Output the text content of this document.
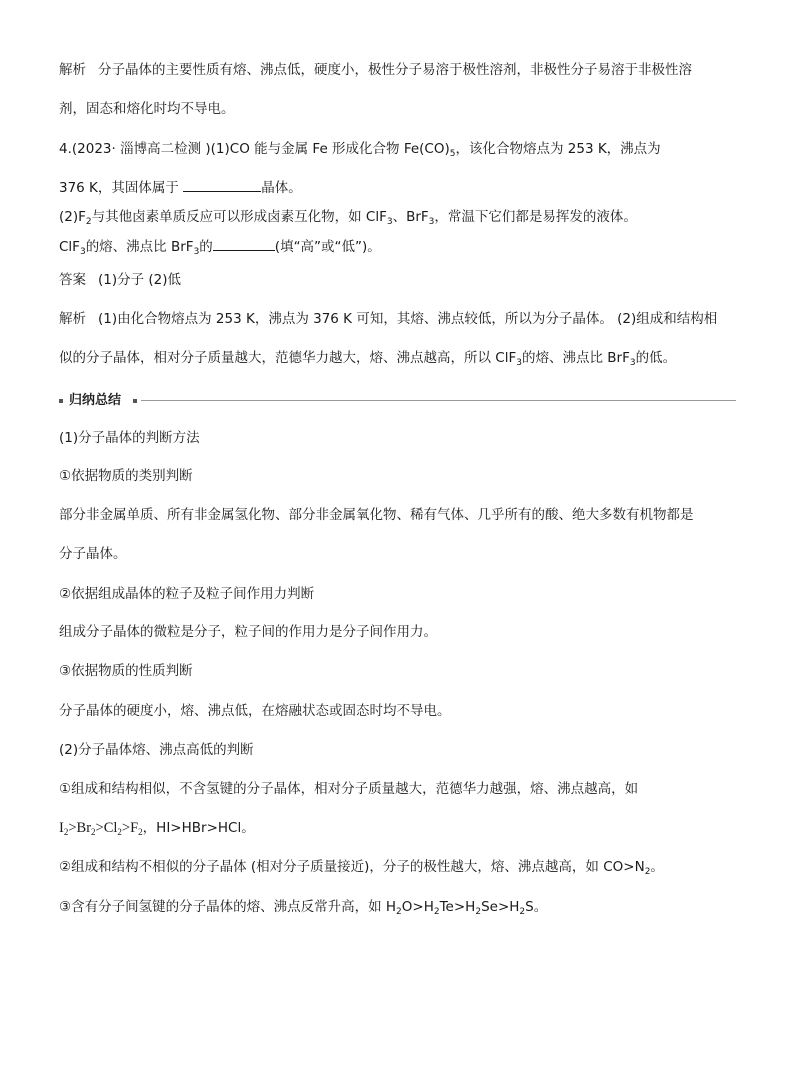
解析 分子晶体的主要性质有熔、沸点低，硬度小，极性分子易溶于极性溶剂，非极性分子易溶于非极性溶
剂，固态和熔化时均不导电。
4.(2023· 淄博高二检测 )(1)CO 能与金属 Fe 形成化合物 $Fe(CO)_5$，该化合物熔点为 253 K，沸点为
376 K，其固体属于	晶体。
$(2)F_2$与其他卤素单质反应可以形成卤素互化物，如 ClF$_3$、BrF$_3$，常温下它们都是易挥发的液体。
ClF$_3$的熔、沸点比 BrF$_3$的	(填“高”或“低”)。
答案 (1)分子 (2)低
解析 (1)由化合物熔点为 253 K，沸点为 376 K 可知，其熔、沸点较低，所以为分子晶体。 (2)组成和结构相
似的分子晶体，相对分子质量越大，范德华力越大，熔、沸点越高，所以 ClF$_3$的熔、沸点比 BrF$_3$的低。
归纳总结
(1)分子晶体的判断方法
①依据物质的类别判断
部分非金属单质、所有非金属氢化物、部分非金属氧化物、稀有气体、几乎所有的酸、绝大多数有机物都是
分子晶体。
②依据组成晶体的粒子及粒子间作用力判断
组成分子晶体的微粒是分子，粒子间的作用力是分子间作用力。
③依据物质的性质判断
分子晶体的硬度小，熔、沸点低，在熔融状态或固态时均不导电。
(2)分子晶体熔、沸点高低的判断
①组成和结构相似，不含氢键的分子晶体，相对分子质量越大，范德华力越强，熔、沸点越高，如
$I_2>Br_2>Cl_2>F_2$，HI>HBr>HCl。
②组成和结构不相似的分子晶体 (相对分子质量接近)，分子的极性越大，熔、沸点越高，如 $CO>N_2$。
③含有分子间氢键的分子晶体的熔、沸点反常升高，如 $H_2O>H_2Te>H_2Se>H_2S$。
